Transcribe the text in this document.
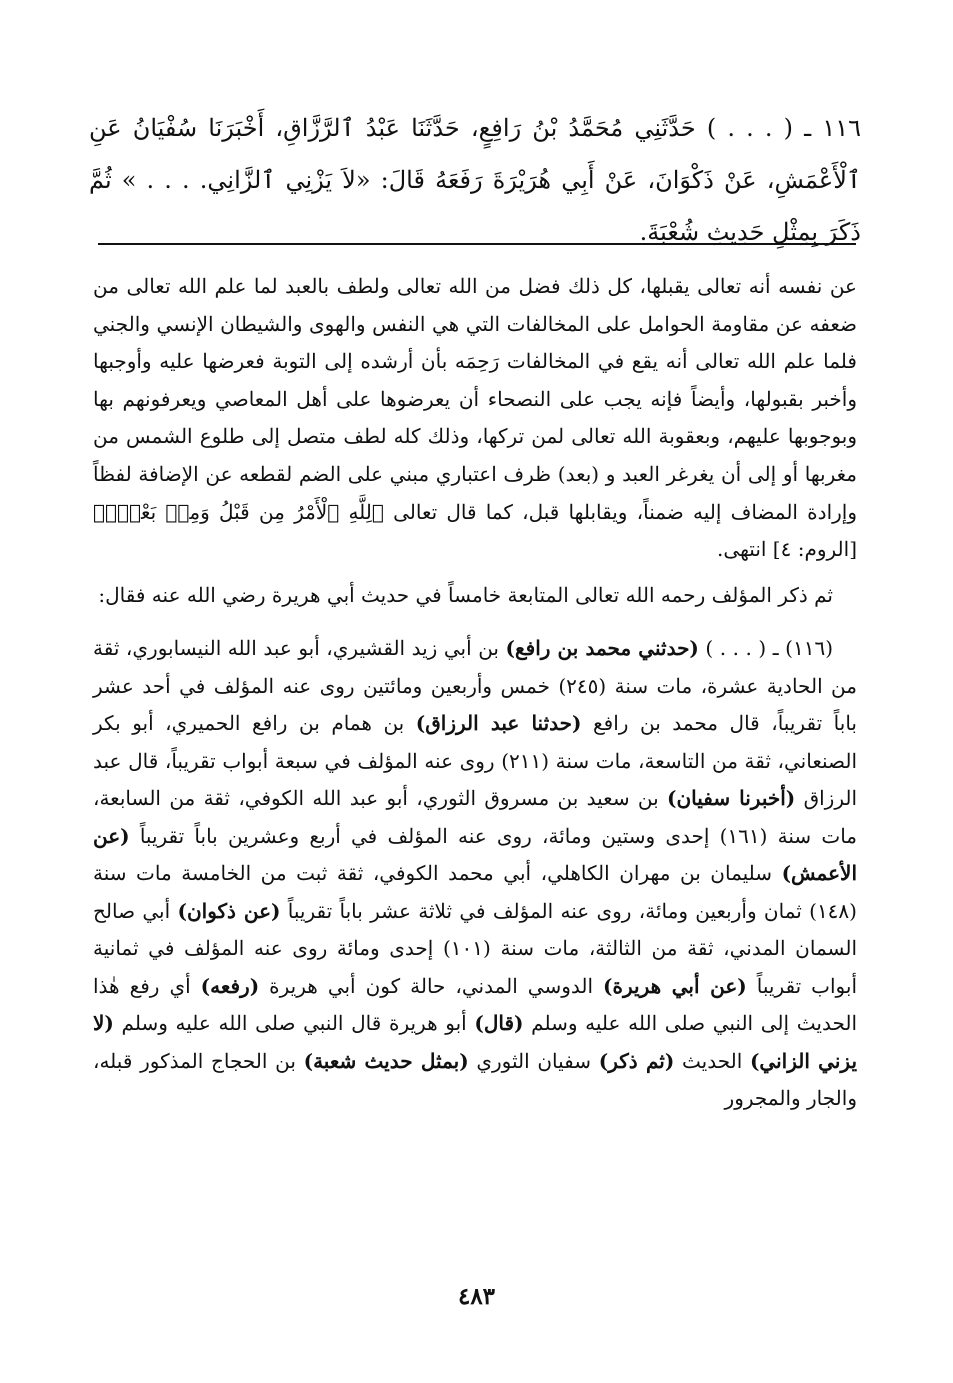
١١٦ ـ ( . . . ) حَدَّثَنِي مُحَمَّدُ بْنُ رَافِعٍ، حَدَّثَنَا عَبْدُ ٱلرَّزَّاقِ، أَخْبَرَنَا سُفْيَانُ عَنِ ٱلْأَعْمَشِ، عَنْ ذَكْوَانَ، عَنْ أَبِي هُرَيْرَةَ رَفَعَهُ قَالَ: «لاَ يَزْنِي ٱلزَّانِي. . . . » ثُمَّ ذَكَرَ بِمِثْلِ حَدِيثِ شُعْبَةَ.

عن نفسه أنه تعالى يقبلها، كل ذلك فضل من الله تعالى ولطف بالعبد لما علم الله تعالى من ضعفه عن مقاومة الحوامل على المخالفات التي هي النفس والهوى والشيطان الإنسي والجني فلما علم الله تعالى أنه يقع في المخالفات رَحِمَه بأن أرشده إلى التوبة فعرضها عليه وأوجبها وأخبر بقبولها، وأيضاً فإنه يجب على النصحاء أن يعرضوها على أهل المعاصي ويعرفونهم بها وبوجوبها عليهم، وبعقوبة الله تعالى لمن تركها، وذلك كله لطف متصل إلى طلوع الشمس من مغربها أو إلى أن يغرغر العبد و (بعد) ظرف اعتباري مبني على الضم لقطعه عن الإضافة لفظاً وإرادة المضاف إليه ضمناً، ويقابلها قبل، كما قال تعالى ﴿لِلَّهِ ٱلْأَمْرُ مِن قَبْلُ وَمِنۢ بَعْدُۚ﴾ [الروم: ٤] انتهى.

ثم ذكر المؤلف رحمه الله تعالى المتابعة خامساً في حديث أبي هريرة رضي الله عنه فقال:

(١١٦) ـ ( . . . ) (حدثني محمد بن رافع) بن أبي زيد القشيري، أبو عبد الله النيسابوري، ثقة من الحادية عشرة، مات سنة (٢٤٥) خمس وأربعين ومائتين روى عنه المؤلف في أحد عشر باباً تقريباً، قال محمد بن رافع (حدثنا عبد الرزاق) بن همام بن رافع الحميري، أبو بكر الصنعاني، ثقة من التاسعة، مات سنة (٢١١) روى عنه المؤلف في سبعة أبواب تقريباً، قال عبد الرزاق (أخبرنا سفيان) بن سعيد بن مسروق الثوري، أبو عبد الله الكوفي، ثقة من السابعة، مات سنة (١٦١) إحدى وستين ومائة، روى عنه المؤلف في أربع وعشرين باباً تقريباً (عن الأعمش) سليمان بن مهران الكاهلي، أبي محمد الكوفي، ثقة ثبت من الخامسة مات سنة (١٤٨) ثمان وأربعين ومائة، روى عنه المؤلف في ثلاثة عشر باباً تقريباً (عن ذكوان) أبي صالح السمان المدني، ثقة من الثالثة، مات سنة (١٠١) إحدى ومائة روى عنه المؤلف في ثمانية أبواب تقريباً (عن أبي هريرة) الدوسي المدني، حالة كون أبي هريرة (رفعه) أي رفع هٰذا الحديث إلى النبي صلى الله عليه وسلم (قال) أبو هريرة قال النبي صلى الله عليه وسلم (لا يزني الزاني) الحديث (ثم ذكر) سفيان الثوري (بمثل حديث شعبة) بن الحجاج المذكور قبله، والجار والمجرور

٤٨٣
